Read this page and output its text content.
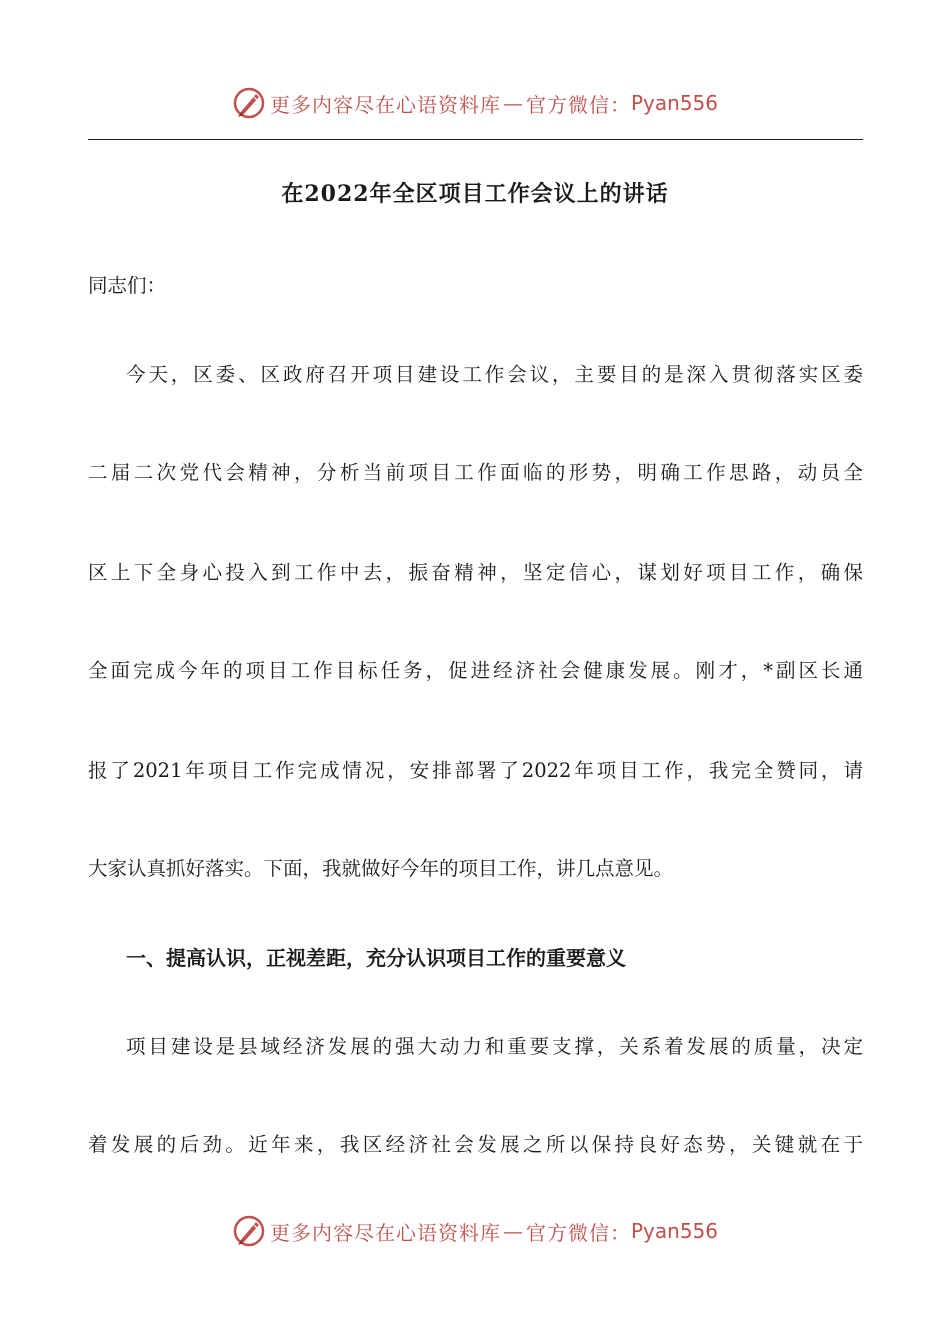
更多内容尽在心语资料库 — 官方微信： Pyan556
在2022年全区项目工作会议上的讲话
同志们：
今天，区委、区政府召开项目建设工作会议，主要目的是深入贯彻落实区委
二届二次党代会精神，分析当前项目工作面临的形势，明确工作思路，动员全
区上下全身心投入到工作中去，振奋精神，坚定信心，谋划好项目工作，确保
全面完成今年的项目工作目标任务，促进经济社会健康发展。刚才，*副区长通
报了2021年项目工作完成情况，安排部署了2022年项目工作，我完全赞同，请
大家认真抓好落实。下面，我就做好今年的项目工作，讲几点意见。
一、提高认识，正视差距，充分认识项目工作的重要意义
项目建设是县域经济发展的强大动力和重要支撑，关系着发展的质量，决定
着发展的后劲。近年来，我区经济社会发展之所以保持良好态势，关键就在于
更多内容尽在心语资料库 — 官方微信： Pyan556
